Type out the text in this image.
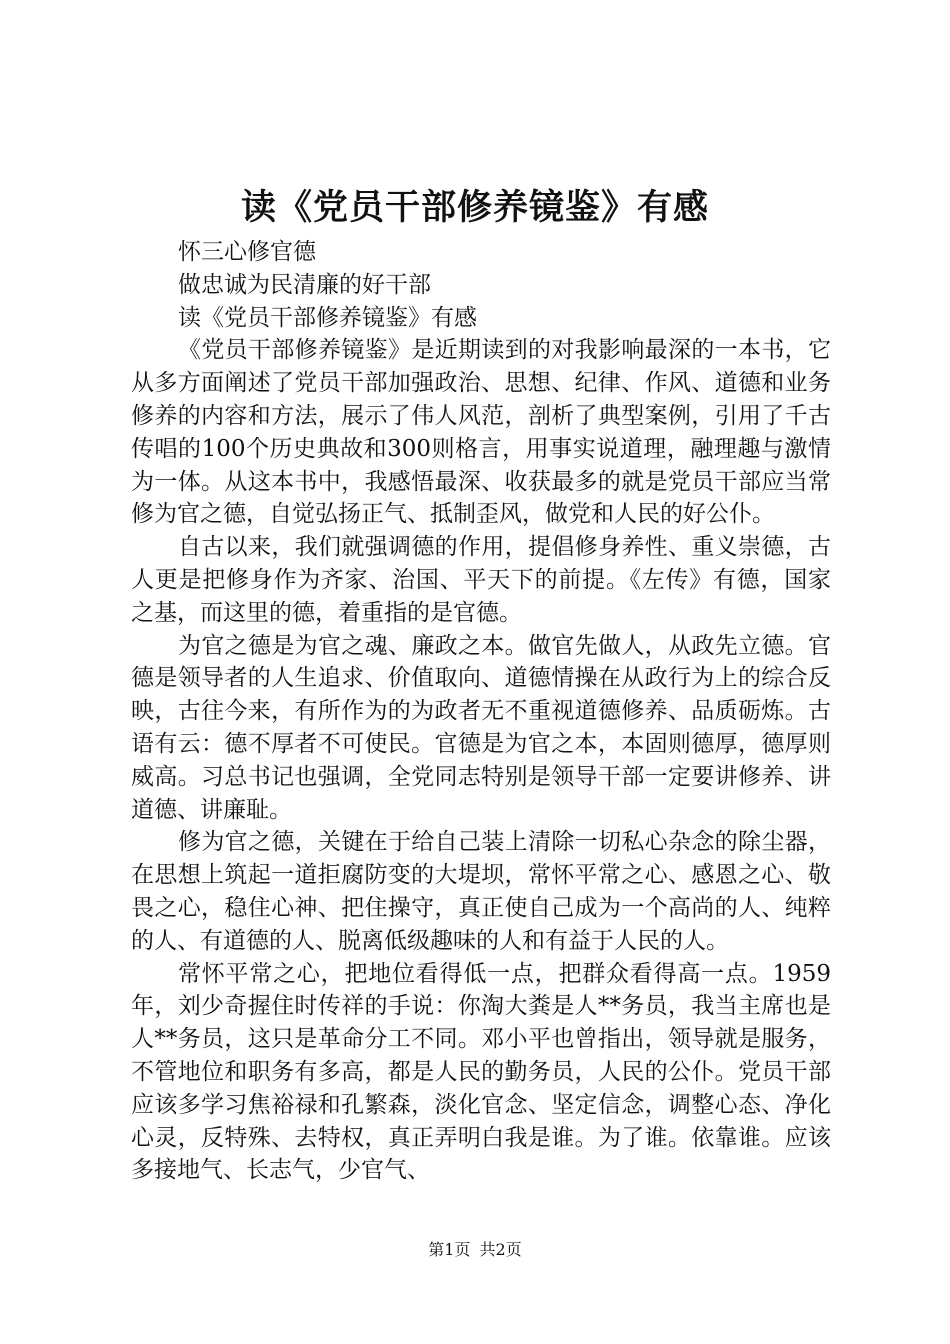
读《党员干部修养镜鉴》有感

怀三心修官德

做忠诚为民清廉的好干部

读《党员干部修养镜鉴》有感

《党员干部修养镜鉴》是近期读到的对我影响最深的一本书，它从多方面阐述了党员干部加强政治、思想、纪律、作风、道德和业务修养的内容和方法，展示了伟人风范，剖析了典型案例，引用了千古传唱的100个历史典故和300则格言，用事实说道理，融理趣与激情为一体。从这本书中，我感悟最深、收获最多的就是党员干部应当常修为官之德，自觉弘扬正气、抵制歪风，做党和人民的好公仆。

自古以来，我们就强调德的作用，提倡修身养性、重义崇德，古人更是把修身作为齐家、治国、平天下的前提。《左传》有德，国家之基，而这里的德，着重指的是官德。

为官之德是为官之魂、廉政之本。做官先做人，从政先立德。官德是领导者的人生追求、价值取向、道德情操在从政行为上的综合反映，古往今来，有所作为的为政者无不重视道德修养、品质砺炼。古语有云：德不厚者不可使民。官德是为官之本，本固则德厚，德厚则威高。习总书记也强调，全党同志特别是领导干部一定要讲修养、讲道德、讲廉耻。

修为官之德，关键在于给自己装上清除一切私心杂念的除尘器，在思想上筑起一道拒腐防变的大堤坝，常怀平常之心、感恩之心、敬畏之心，稳住心神、把住操守，真正使自己成为一个高尚的人、纯粹的人、有道德的人、脱离低级趣味的人和有益于人民的人。

常怀平常之心，把地位看得低一点，把群众看得高一点。1959年，刘少奇握住时传祥的手说：你淘大粪是人**务员，我当主席也是人**务员，这只是革命分工不同。邓小平也曾指出，领导就是服务，不管地位和职务有多高，都是人民的勤务员，人民的公仆。党员干部应该多学习焦裕禄和孔繁森，淡化官念、坚定信念，调整心态、净化心灵，反特殊、去特权，真正弄明白我是谁。为了谁。依靠谁。应该多接地气、长志气，少官气、

第1页 共2页
